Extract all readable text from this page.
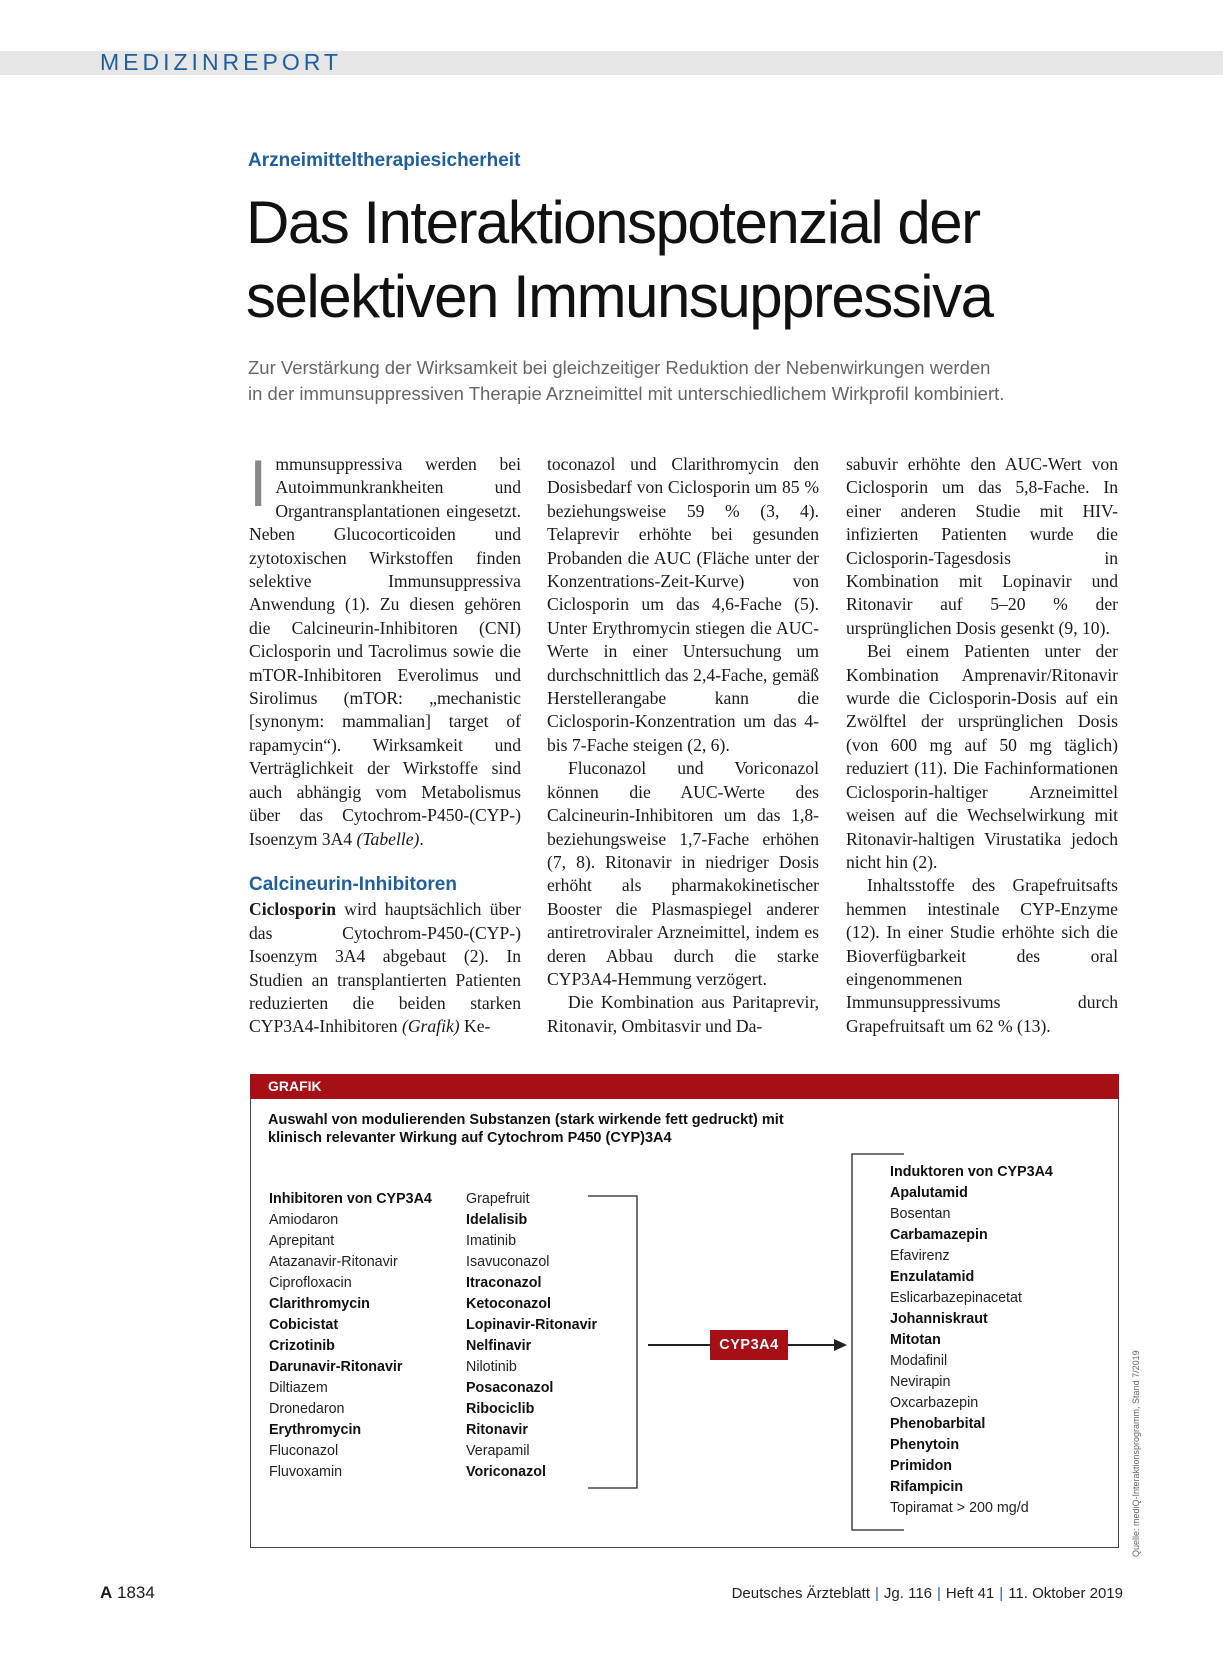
MEDIZINREPORT
Arzneimitteltherapiesicherheit
Das Interaktionspotenzial der
selektiven Immunsuppressiva

Zur Verstärkung der Wirksamkeit bei gleichzeitiger Reduktion der Nebenwirkungen werden
in der immunsuppressiven Therapie Arzneimittel mit unterschiedlichem Wirkprofil kombiniert.

Immunsuppressiva werden bei Autoimmunkrankheiten und Organtransplantationen eingesetzt. Neben Glucocorticoiden und zytotoxischen Wirkstoffen finden selektive Immunsuppressiva Anwendung (1). Zu diesen gehören die Calcineurin-Inhibitoren (CNI) Ciclosporin und Tacrolimus sowie die mTOR-Inhibitoren Everolimus und Sirolimus (mTOR: „mechanistic [synonym: mammalian] target of rapamycin“). Wirksamkeit und Verträglichkeit der Wirkstoffe sind auch abhängig vom Metabolismus über das Cytochrom-P450-(CYP-) Isoenzym 3A4 (Tabelle).

Calcineurin-Inhibitoren

Ciclosporin wird hauptsächlich über das Cytochrom-P450-(CYP-) Isoenzym 3A4 abgebaut (2). In Studien an transplantierten Patienten reduzierten die beiden starken CYP3A4-Inhibitoren (Grafik) Ke-

toconazol und Clarithromycin den Dosisbedarf von Ciclosporin um 85 % beziehungsweise 59 % (3, 4). Telaprevir erhöhte bei gesunden Probanden die AUC (Fläche unter der Konzentrations-Zeit-Kurve) von Ciclosporin um das 4,6-Fache (5). Unter Erythromycin stiegen die AUC-Werte in einer Untersuchung um durchschnittlich das 2,4-Fache, gemäß Herstellerangabe kann die Ciclosporin-Konzentration um das 4- bis 7-Fache steigen (2, 6).

Fluconazol und Voriconazol können die AUC-Werte des Calcineurin-Inhibitoren um das 1,8- beziehungsweise 1,7-Fache erhöhen (7, 8). Ritonavir in niedriger Dosis erhöht als pharmakokinetischer Booster die Plasmaspiegel anderer antiretroviraler Arzneimittel, indem es deren Abbau durch die starke CYP3A4-Hemmung verzögert.

Die Kombination aus Paritaprevir, Ritonavir, Ombitasvir und Da-

sabuvir erhöhte den AUC-Wert von Ciclosporin um das 5,8-Fache. In einer anderen Studie mit HIV-infizierten Patienten wurde die Ciclosporin-Tagesdosis in Kombination mit Lopinavir und Ritonavir auf 5–20 % der ursprünglichen Dosis gesenkt (9, 10).

Bei einem Patienten unter der Kombination Amprenavir/Ritonavir wurde die Ciclosporin-Dosis auf ein Zwölftel der ursprünglichen Dosis (von 600 mg auf 50 mg täglich) reduziert (11). Die Fachinformationen Ciclosporin-haltiger Arzneimittel weisen auf die Wechselwirkung mit Ritonavir-haltigen Virustatika jedoch nicht hin (2).

Inhaltsstoffe des Grapefruitsafts hemmen intestinale CYP-Enzyme (12). In einer Studie erhöhte sich die Bioverfügbarkeit des oral eingenommenen Immunsuppressivums durch Grapefruitsaft um 62 % (13).

GRAFIK
Auswahl von modulierenden Substanzen (stark wirkende fett gedruckt) mit
klinisch relevanter Wirkung auf Cytochrom P450 (CYP)3A4
Inhibitoren von CYP3A4
Amiodaron
Aprepitant
Atazanavir-Ritonavir
Ciprofloxacin
Clarithromycin
Cobicistat
Crizotinib
Darunavir-Ritonavir
Diltiazem
Dronedaron
Erythromycin
Fluconazol
Fluvoxamin
Grapefruit
Idelalisib
Imatinib
Isavuconazol
Itraconazol
Ketoconazol
Lopinavir-Ritonavir
Nelfinavir
Nilotinib
Posaconazol
Ribociclib
Ritonavir
Verapamil
Voriconazol
Induktoren von CYP3A4
Apalutamid
Bosentan
Carbamazepin
Efavirenz
Enzulatamid
Eslicarbazepinacetat
Johanniskraut
Mitotan
Modafinil
Nevirapin
Oxcarbazepin
Phenobarbital
Phenytoin
Primidon
Rifampicin
Topiramat > 200 mg/d
CYP3A4
Quelle: mediQ-Interaktionsprogramm, Stand 7/2019
A 1834	Deutsches Ärzteblatt | Jg. 116 | Heft 41 | 11. Oktober 2019
